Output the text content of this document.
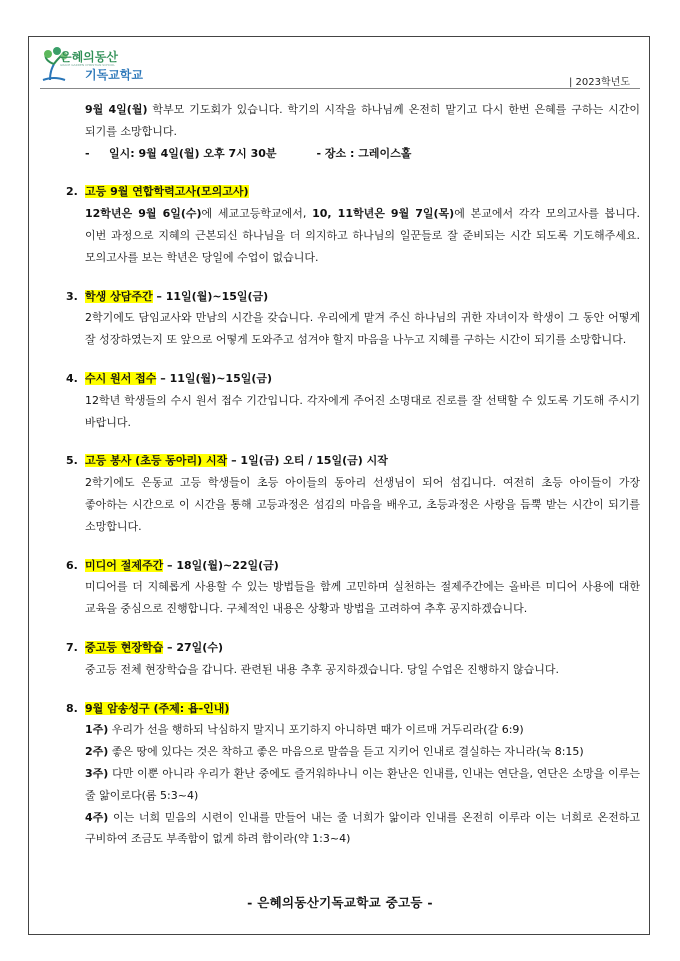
은혜의동산
GRACE GARDEN CHRISTIAN SCHOOL
기독교학교
| 2023학년도

9월 4일(월) 학부모 기도회가 있습니다. 학기의 시작을 하나님께 온전히 맡기고 다시 한번 은혜를 구하는 시간이 되기를 소망합니다.

-	일시: 9월 4일(월) 오후 7시 30분	- 장소 : 그레이스홀
2. 고등 9월 연합학력고사(모의고사)

12학년은 9월 6일(수)에 세교고등학교에서, 10, 11학년은 9월 7일(목)에 본교에서 각각 모의고사를 봅니다. 이번 과정으로 지혜의 근본되신 하나님을 더 의지하고 하나님의 일꾼들로 잘 준비되는 시간 되도록 기도해주세요. 모의고사를 보는 학년은 당일에 수업이 없습니다.

3. 학생 상담주간 – 11일(월)~15일(금)

2학기에도 담임교사와 만남의 시간을 갖습니다. 우리에게 맡겨 주신 하나님의 귀한 자녀이자 학생이 그 동안 어떻게 잘 성장하였는지 또 앞으로 어떻게 도와주고 섬겨야 할지 마음을 나누고 지혜를 구하는 시간이 되기를 소망합니다.

4. 수시 원서 접수 – 11일(월)~15일(금)

12학년 학생들의 수시 원서 접수 기간입니다. 각자에게 주어진 소명대로 진로를 잘 선택할 수 있도록 기도해 주시기 바랍니다.

5. 고등 봉사 (초등 동아리) 시작 – 1일(금) 오티 / 15일(금) 시작

2학기에도 은동교 고등 학생들이 초등 아이들의 동아리 선생님이 되어 섬깁니다. 여전히 초등 아이들이 가장 좋아하는 시간으로 이 시간을 통해 고등과정은 섬김의 마음을 배우고, 초등과정은 사랑을 듬뿍 받는 시간이 되기를 소망합니다.

6. 미디어 절제주간 – 18일(월)~22일(금)

미디어를 더 지혜롭게 사용할 수 있는 방법들을 함께 고민하며 실천하는 절제주간에는 올바른 미디어 사용에 대한 교육을 중심으로 진행합니다. 구체적인 내용은 상황과 방법을 고려하여 추후 공지하겠습니다.

7. 중고등 현장학습 – 27일(수)

중고등 전체 현장학습을 갑니다. 관련된 내용 추후 공지하겠습니다. 당일 수업은 진행하지 않습니다.

8. 9월 암송성구 (주제: 욥-인내)

1주) 우리가 선을 행하되 낙심하지 말지니 포기하지 아니하면 때가 이르매 거두리라(갈 6:9)

2주) 좋은 땅에 있다는 것은 착하고 좋은 마음으로 말씀을 듣고 지키어 인내로 결실하는 자니라(눅 8:15)

3주) 다만 이뿐 아니라 우리가 환난 중에도 즐거워하나니 이는 환난은 인내를, 인내는 연단을, 연단은 소망을 이루는 줄 앎이로다(롬 5:3~4)

4주) 이는 너희 믿음의 시련이 인내를 만들어 내는 줄 너희가 앎이라 인내를 온전히 이루라 이는 너희로 온전하고 구비하여 조금도 부족함이 없게 하려 함이라(약 1:3~4)

- 은혜의동산기독교학교 중고등 -
